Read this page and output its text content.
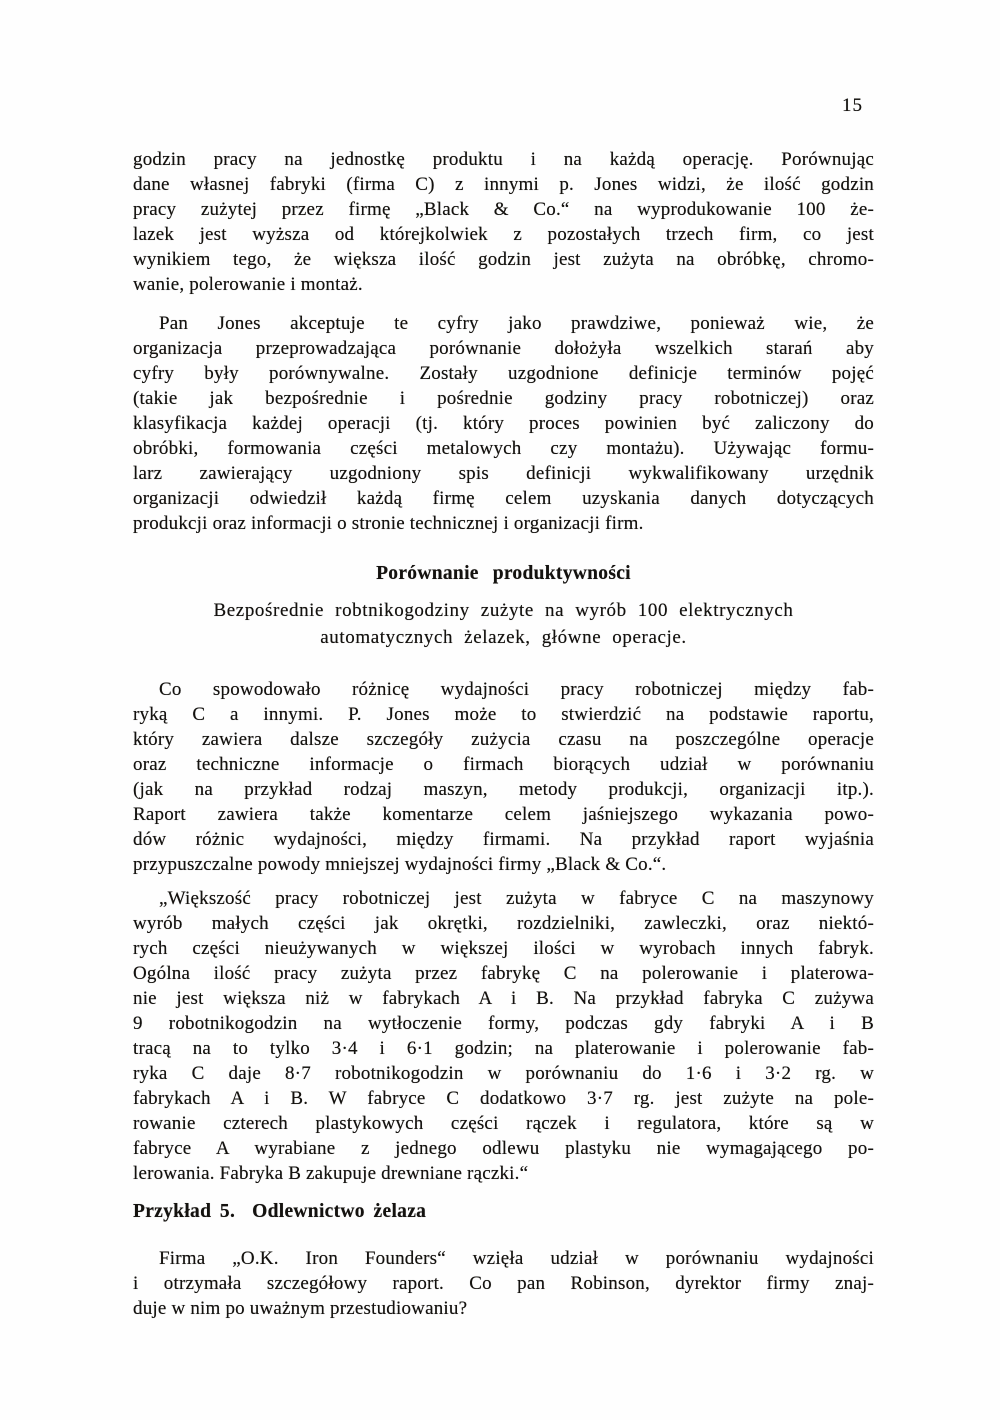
15

godzin pracy na jednostkę produktu i na każdą operację. Porównując
dane własnej fabryki (firma C) z innymi p. Jones widzi, że ilość godzin
pracy zużytej przez firmę „Black & Co.“ na wyprodukowanie 100 że-
lazek jest wyższa od którejkolwiek z pozostałych trzech firm, co jest
wynikiem tego, że większa ilość godzin jest zużyta na obróbkę, chromo-
wanie, polerowanie i montaż.

Pan Jones akceptuje te cyfry jako prawdziwe, ponieważ wie, że
organizacja przeprowadzająca porównanie dołożyła wszelkich starań aby
cyfry były porównywalne. Zostały uzgodnione definicje terminów pojęć
(takie jak bezpośrednie i pośrednie godziny pracy robotniczej) oraz
klasyfikacja każdej operacji (tj. który proces powinien być zaliczony do
obróbki, formowania części metalowych czy montażu). Używając formu-
larz zawierający uzgodniony spis definicji wykwalifikowany urzędnik
organizacji odwiedził każdą firmę celem uzyskania danych dotyczących
produkcji oraz informacji o stronie technicznej i organizacji firm.

Porównanie produktywności
Bezpośrednie robtnikogodziny zużyte na wyrób 100 elektrycznych
automatycznych żelazek, główne operacje.

Co spowodowało różnicę wydajności pracy robotniczej między fab-
ryką C a innymi. P. Jones może to stwierdzić na podstawie raportu,
który zawiera dalsze szczegóły zużycia czasu na poszczególne operacje
oraz techniczne informacje o firmach biorących udział w porównaniu
(jak na przykład rodzaj maszyn, metody produkcji, organizacji itp.).
Raport zawiera także komentarze celem jaśniejszego wykazania powo-
dów różnic wydajności, między firmami. Na przykład raport wyjaśnia
przypuszczalne powody mniejszej wydajności firmy „Black & Co.“.

„Większość pracy robotniczej jest zużyta w fabryce C na maszynowy
wyrób małych części jak okrętki, rozdzielniki, zawleczki, oraz niektó-
rych części nieużywanych w większej ilości w wyrobach innych fabryk.
Ogólna ilość pracy zużyta przez fabrykę C na polerowanie i platerowa-
nie jest większa niż w fabrykach A i B. Na przykład fabryka C zużywa
9 robotnikogodzin na wytłoczenie formy, podczas gdy fabryki A i B
tracą na to tylko 3·4 i 6·1 godzin; na platerowanie i polerowanie fab-
ryka C daje 8·7 robotnikogodzin w porównaniu do 1·6 i 3·2 rg. w
fabrykach A i B. W fabryce C dodatkowo 3·7 rg. jest zużyte na pole-
rowanie czterech plastykowych części rączek i regulatora, które są w
fabryce A wyrabiane z jednego odlewu plastyku nie wymagającego po-
lerowania. Fabryka B zakupuje drewniane rączki.“

Przykład 5. Odlewnictwo żelaza

Firma „O.K. Iron Founders“ wzięła udział w porównaniu wydajności
i otrzymała szczegółowy raport. Co pan Robinson, dyrektor firmy znaj-
duje w nim po uważnym przestudiowaniu?
